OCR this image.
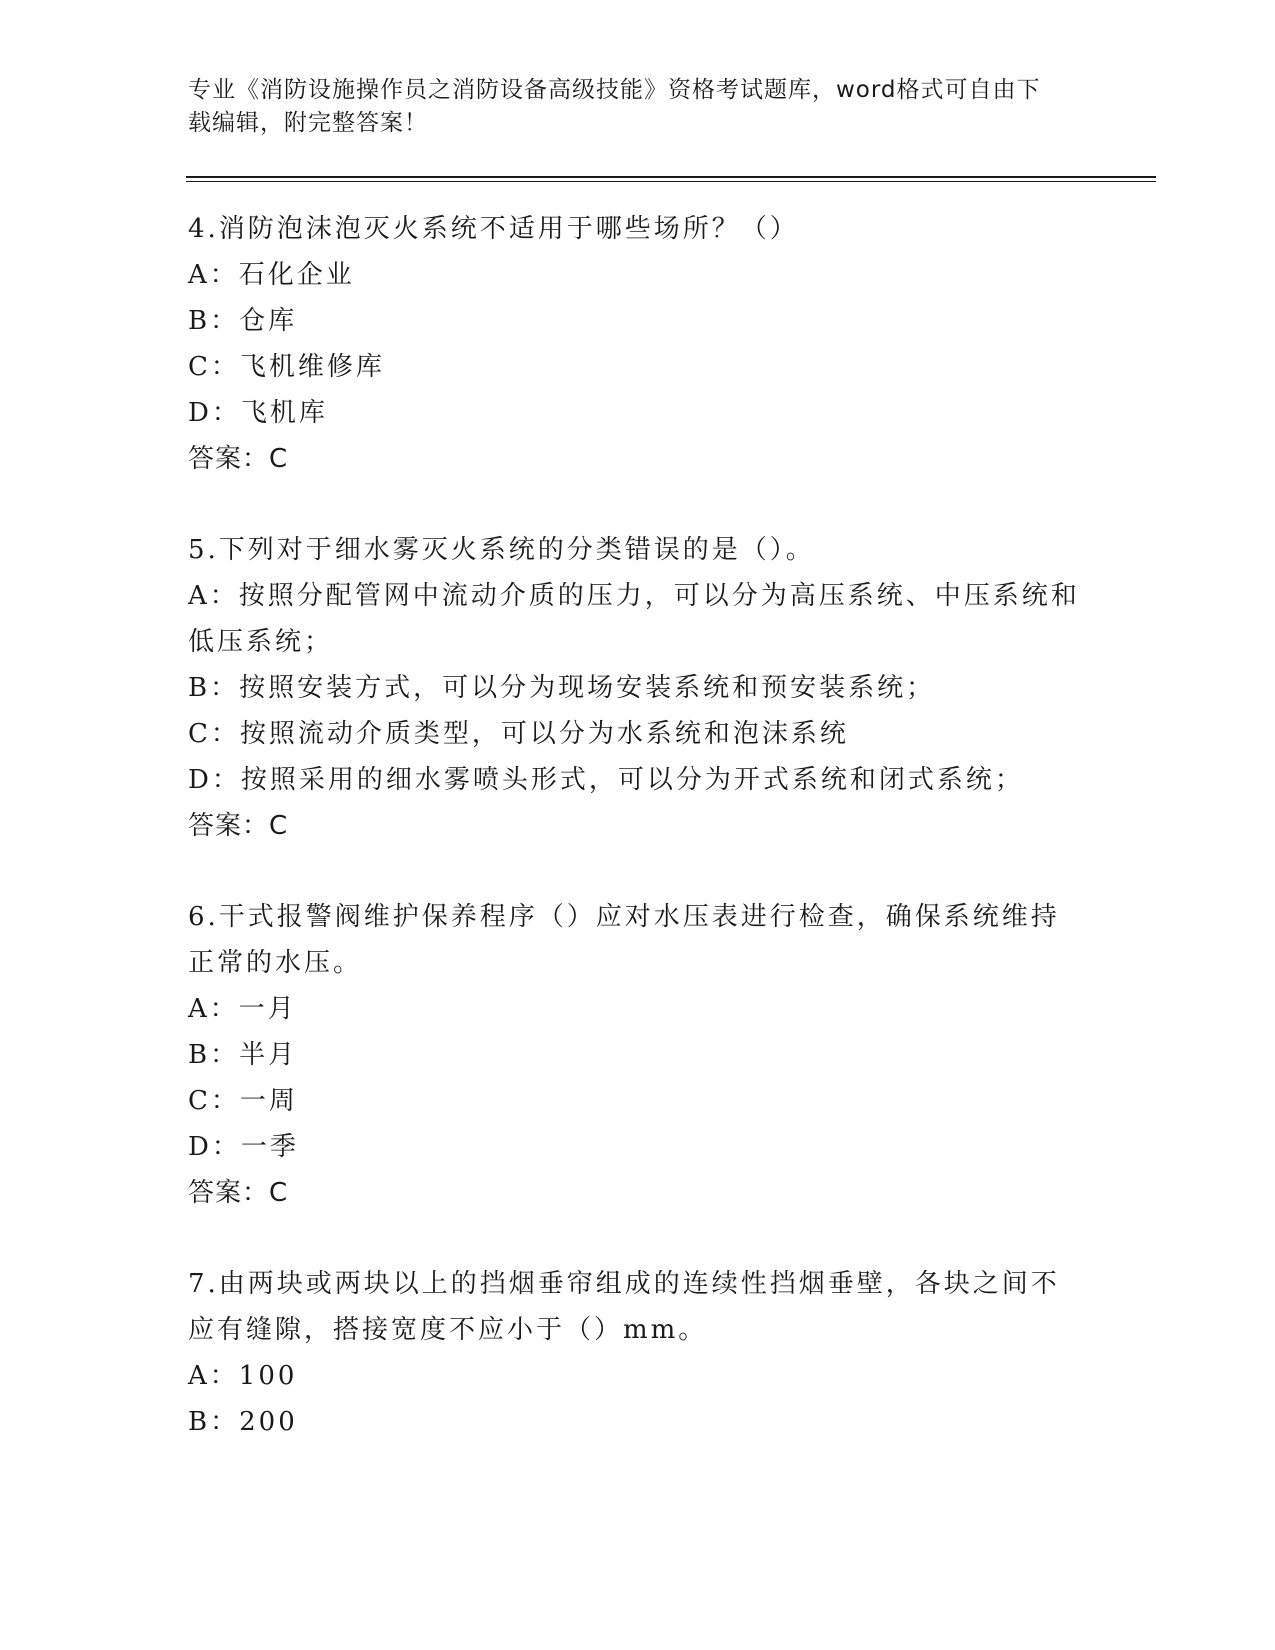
专业《消防设施操作员之消防设备高级技能》资格考试题库，word格式可自由下
载编辑，附完整答案！
4.消防泡沫泡灭火系统不适用于哪些场所？（）
A：石化企业
B：仓库
C：飞机维修库
D：飞机库
答案：C
5.下列对于细水雾灭火系统的分类错误的是（）。
A：按照分配管网中流动介质的压力，可以分为高压系统、中压系统和
低压系统；
B：按照安装方式，可以分为现场安装系统和预安装系统；
C：按照流动介质类型，可以分为水系统和泡沫系统
D：按照采用的细水雾喷头形式，可以分为开式系统和闭式系统；
答案：C
6.干式报警阀维护保养程序（）应对水压表进行检查，确保系统维持
正常的水压。
A：一月
B：半月
C：一周
D：一季
答案：C
7.由两块或两块以上的挡烟垂帘组成的连续性挡烟垂壁，各块之间不
应有缝隙，搭接宽度不应小于（）mm。
A：100
B：200
